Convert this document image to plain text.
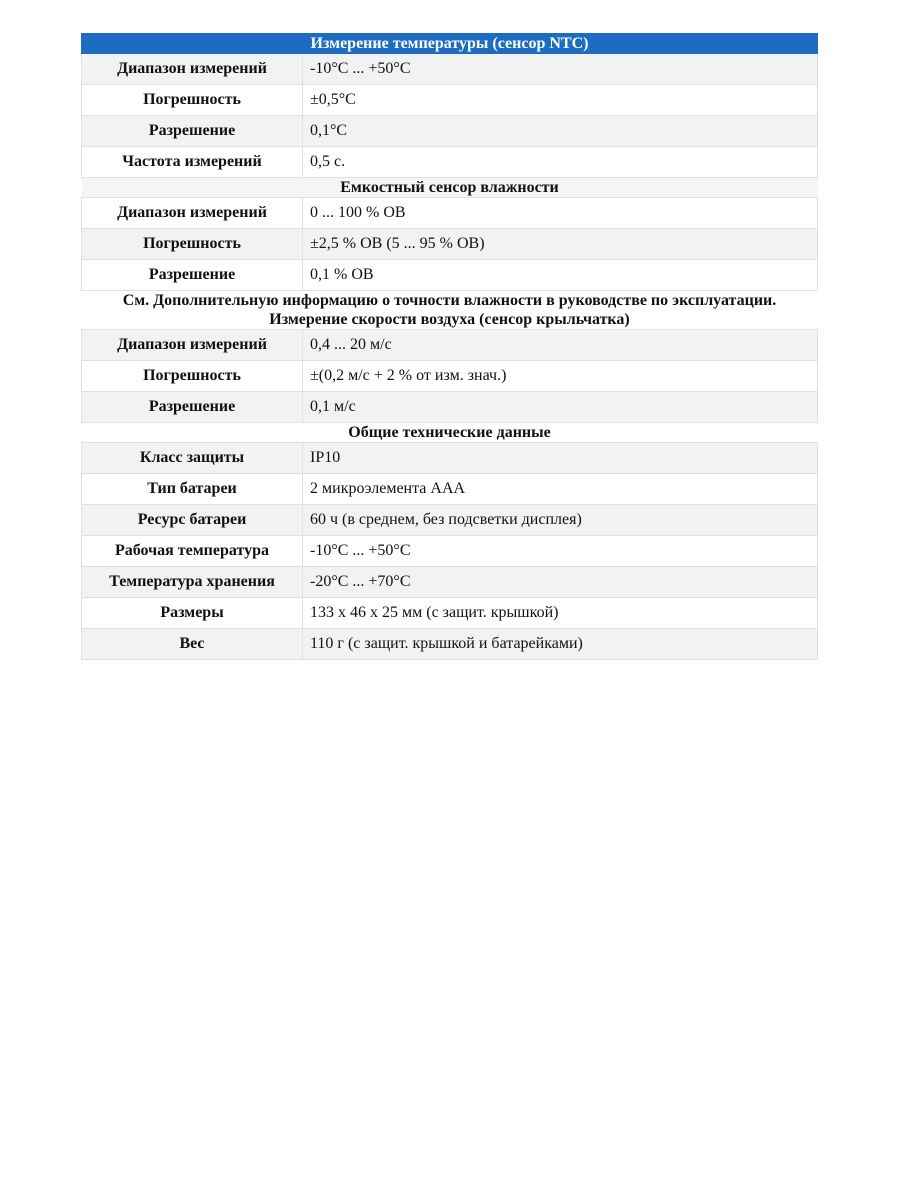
Измерение температуры (сенсор NTC)	
Диапазон измерений	-10°C ... +50°C
Погрешность	±0,5°C
Разрешение	0,1°C
Частота измерений	0,5 с.
Емкостный сенсор влажности	
Диапазон измерений	0 ... 100 % ОВ
Погрешность	±2,5 % ОВ (5 ... 95 % ОВ)
Разрешение	0,1 % ОВ
См. Дополнительную информацию о точности влажности в руководстве по эксплуатации.	
Измерение скорости воздуха (сенсор крыльчатка)	
Диапазон измерений	0,4 ... 20 м/с
Погрешность	±(0,2 м/с + 2 % от изм. знач.)
Разрешение	0,1 м/с
Общие технические данные	
Класс защиты	IP10
Тип батареи	2 микроэлемента AAA
Ресурс батареи	60 ч (в среднем, без подсветки дисплея)
Рабочая температура	-10°C ... +50°C
Температура хранения	-20°C ... +70°C
Размеры	133 x 46 x 25 мм (с защит. крышкой)
Вес	110 г (с защит. крышкой и батарейками)
